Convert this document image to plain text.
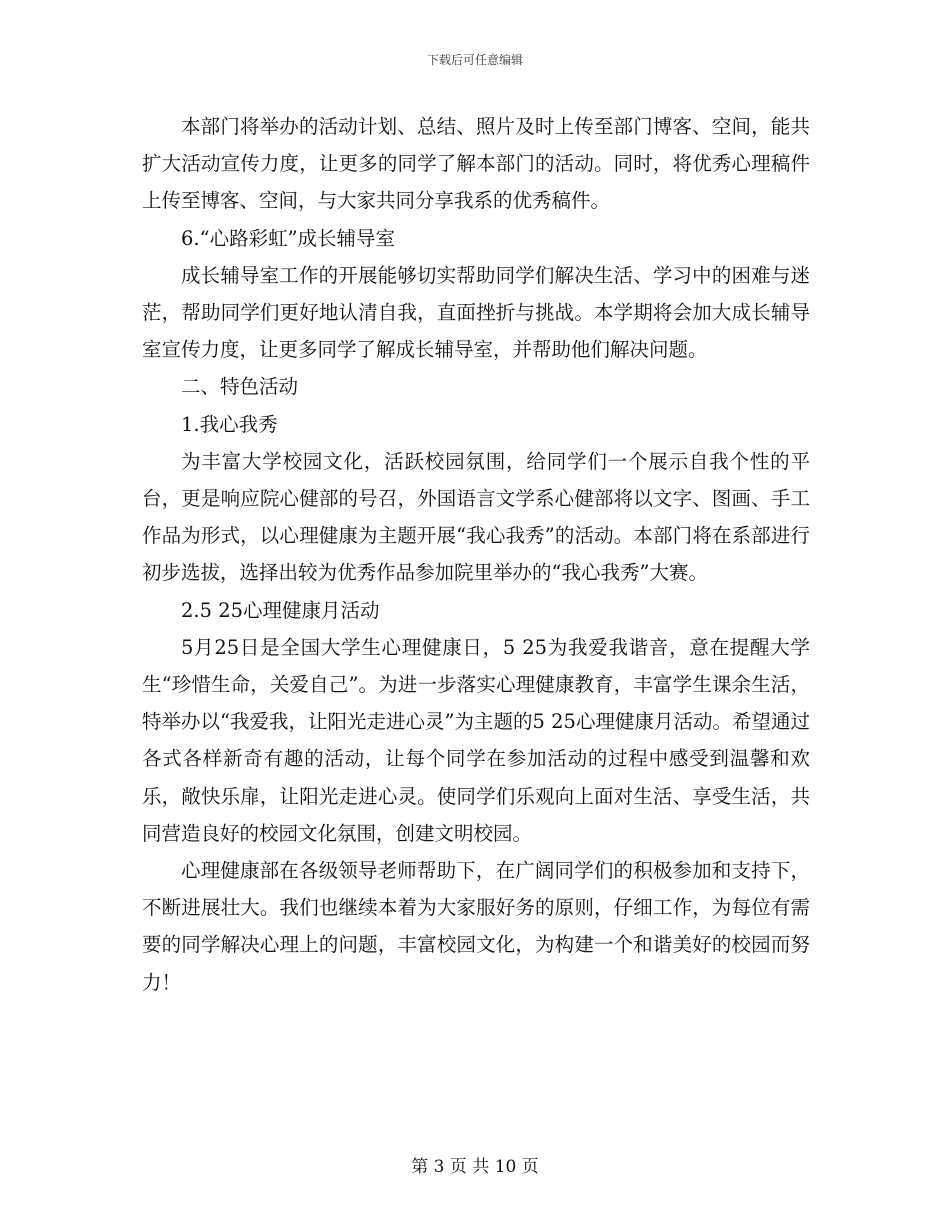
下载后可任意编辑

本部门将举办的活动计划、总结、照片及时上传至部门博客、空间，能共扩大活动宣传力度，让更多的同学了解本部门的活动。同时，将优秀心理稿件上传至博客、空间，与大家共同分享我系的优秀稿件。

6.“心路彩虹”成长辅导室

成长辅导室工作的开展能够切实帮助同学们解决生活、学习中的困难与迷茫，帮助同学们更好地认清自我，直面挫折与挑战。本学期将会加大成长辅导室宣传力度，让更多同学了解成长辅导室，并帮助他们解决问题。

二、特色活动

1.我心我秀

为丰富大学校园文化，活跃校园氛围，给同学们一个展示自我个性的平台，更是响应院心健部的号召，外国语言文学系心健部将以文字、图画、手工作品为形式，以心理健康为主题开展“我心我秀”的活动。本部门将在系部进行初步选拔，选择出较为优秀作品参加院里举办的“我心我秀”大赛。

2.5 25心理健康月活动

5月25日是全国大学生心理健康日，5 25为我爱我谐音，意在提醒大学生“珍惜生命，关爱自己”。为进一步落实心理健康教育，丰富学生课余生活，特举办以“我爱我，让阳光走进心灵”为主题的5 25心理健康月活动。希望通过各式各样新奇有趣的活动，让每个同学在参加活动的过程中感受到温馨和欢乐，敞快乐扉，让阳光走进心灵。使同学们乐观向上面对生活、享受生活，共同营造良好的校园文化氛围，创建文明校园。

心理健康部在各级领导老师帮助下，在广阔同学们的积极参加和支持下，不断进展壮大。我们也继续本着为大家服好务的原则，仔细工作，为每位有需要的同学解决心理上的问题，丰富校园文化，为构建一个和谐美好的校园而努力！

第 3 页 共 10 页
